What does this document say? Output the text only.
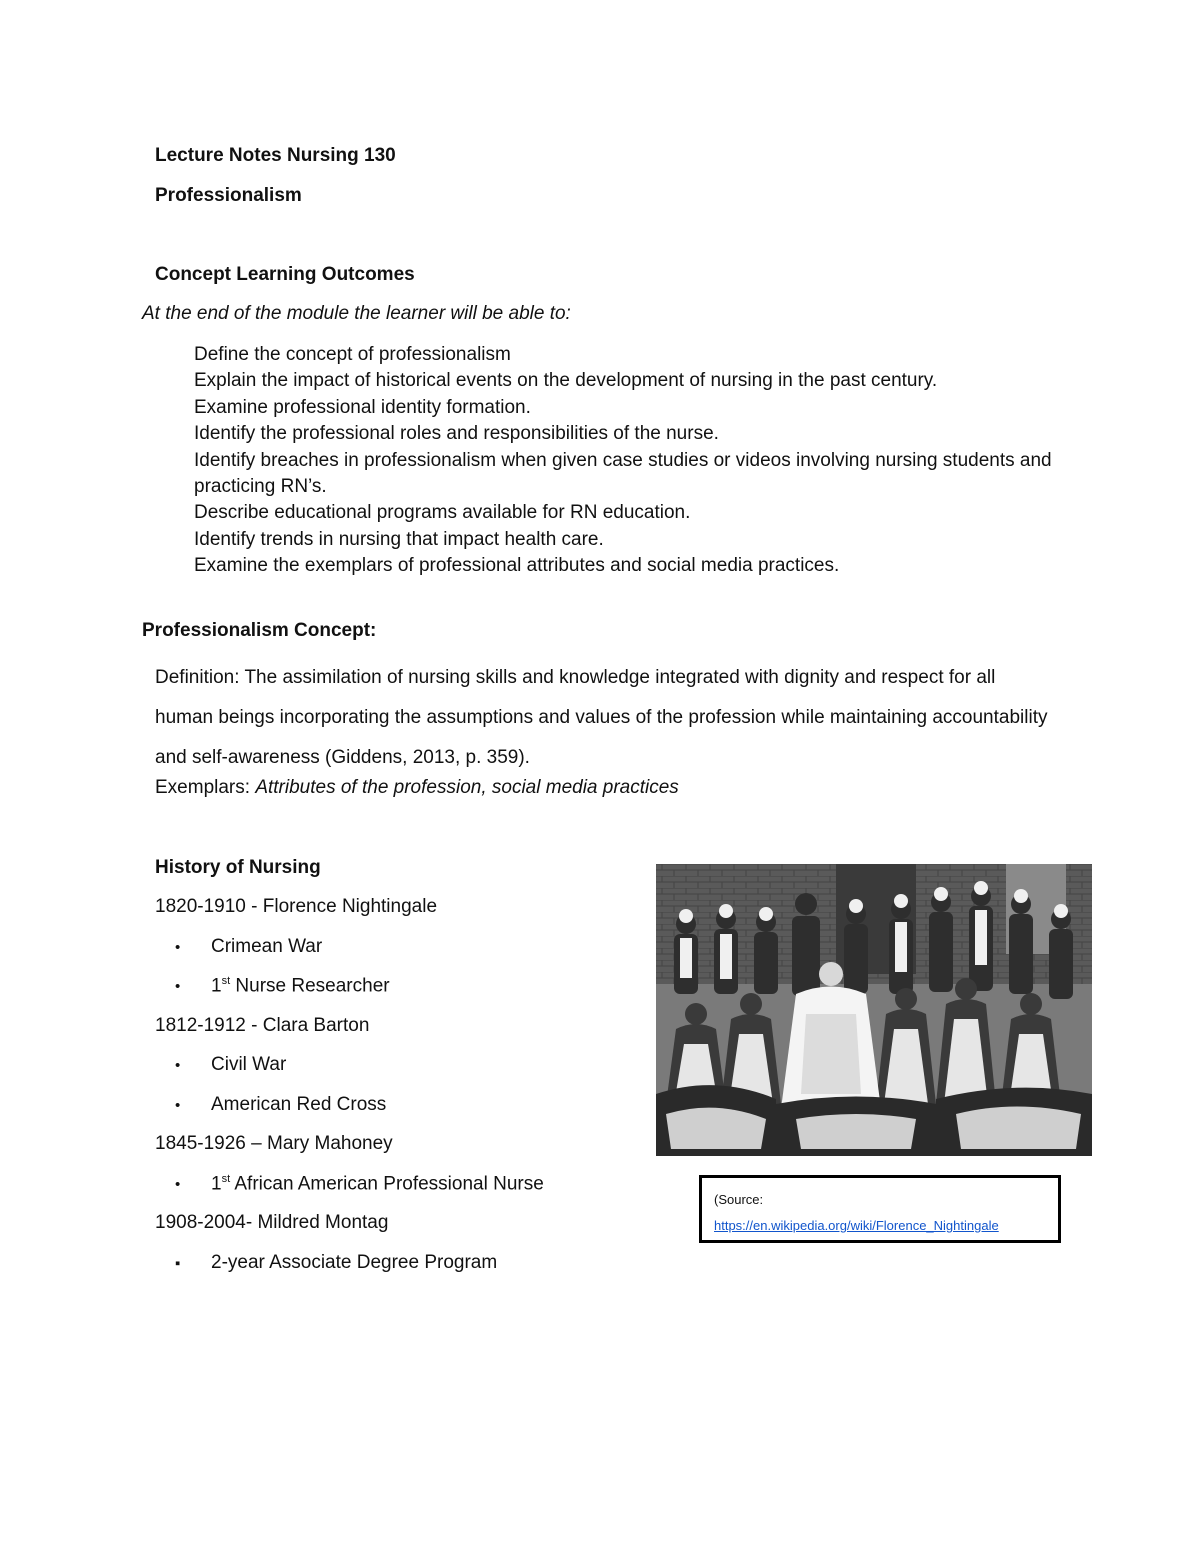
Lecture Notes Nursing 130

Professionalism

Concept Learning Outcomes

At the end of the module the learner will be able to:

Define the concept of professionalism
Explain the impact of historical events on the development of nursing in the past century.
Examine professional identity formation.
Identify the professional roles and responsibilities of the nurse.
Identify breaches in professionalism when given case studies or videos involving nursing students and practicing RN’s.
Describe educational programs available for RN education.
Identify trends in nursing that impact health care.
Examine the exemplars of professional attributes and social media practices.

Professionalism Concept:

Definition: The assimilation of nursing skills and knowledge integrated with dignity and respect for all human beings incorporating the assumptions and values of the profession while maintaining accountability and self-awareness (Giddens, 2013, p. 359).

Exemplars: Attributes of the profession, social media practices

History of Nursing

1820-1910 - Florence Nightingale

• Crimean War

• 1st Nurse Researcher

1812-1912 - Clara Barton

• Civil War

• American Red Cross

1845-1926 – Mary Mahoney

• 1st African American Professional Nurse

1908-2004- Mildred Montag

▪ 2-year Associate Degree Program

(Source:
https://en.wikipedia.org/wiki/Florence_Nightingale
